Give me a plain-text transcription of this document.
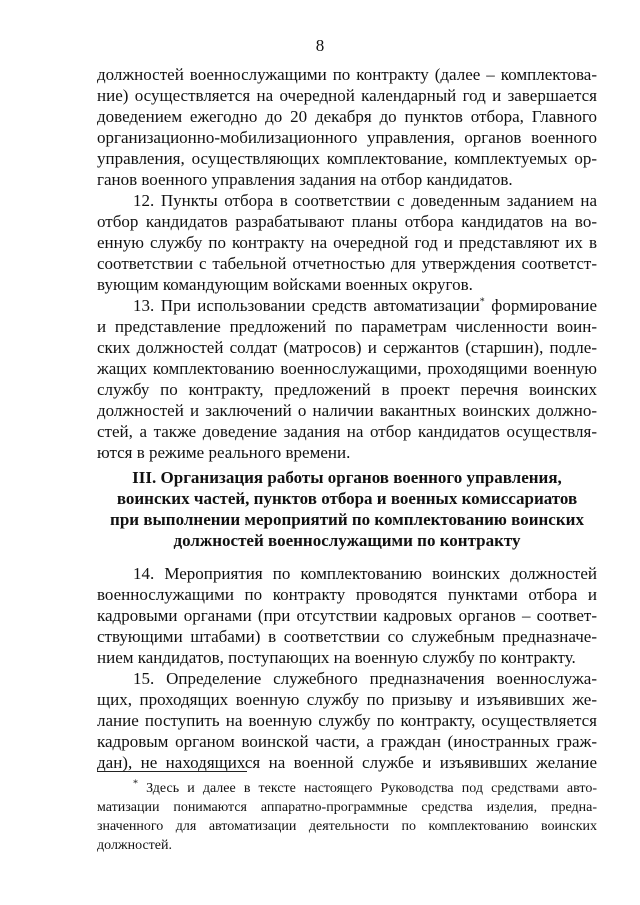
8
должностей военнослужащими по контракту (далее – комплектова-
ние) осуществляется на очередной календарный год и завершается
доведением ежегодно до 20 декабря до пунктов отбора, Главного
организационно-мобилизационного управления, органов военного
управления, осуществляющих комплектование, комплектуемых ор-
ганов военного управления задания на отбор кандидатов.
12. Пункты отбора в соответствии с доведенным заданием на
отбор кандидатов разрабатывают планы отбора кандидатов на во-
енную службу по контракту на очередной год и представляют их в
соответствии с табельной отчетностью для утверждения соответст-
вующим командующим войсками военных округов.
13. При использовании средств автоматизации* формирование
и представление предложений по параметрам численности воин-
ских должностей солдат (матросов) и сержантов (старшин), подле-
жащих комплектованию военнослужащими, проходящими военную
службу по контракту, предложений в проект перечня воинских
должностей и заключений о наличии вакантных воинских должно-
стей, а также доведение задания на отбор кандидатов осуществля-
ются в режиме реального времени.
III. Организация работы органов военного управления,
воинских частей, пунктов отбора и военных комиссариатов
при выполнении мероприятий по комплектованию воинских
должностей военнослужащими по контракту
14. Мероприятия по комплектованию воинских должностей
военнослужащими по контракту проводятся пунктами отбора и
кадровыми органами (при отсутствии кадровых органов – соответ-
ствующими штабами) в соответствии со служебным предназначе-
нием кандидатов, поступающих на военную службу по контракту.
15. Определение служебного предназначения военнослужа-
щих, проходящих военную службу по призыву и изъявивших же-
лание поступить на военную службу по контракту, осуществляется
кадровым органом воинской части, а граждан (иностранных граж-
дан), не находящихся на военной службе и изъявивших желание
* Здесь и далее в тексте настоящего Руководства под средствами авто-
матизации понимаются аппаратно-программные средства изделия, предна-
значенного для автоматизации деятельности по комплектованию воинских
должностей.
